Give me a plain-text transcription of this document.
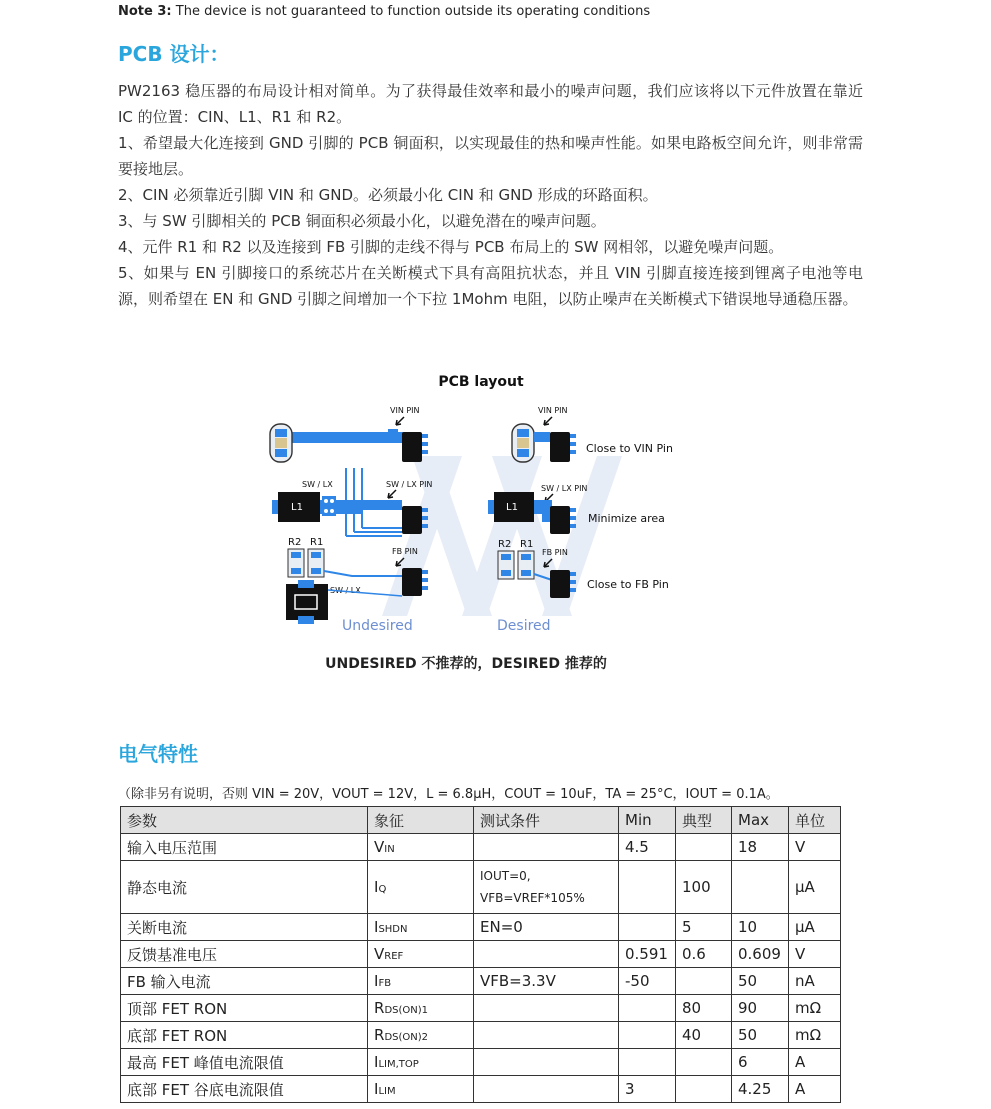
Note 3: The device is not guaranteed to function outside its operating conditions
PCB 设计：

PW2163 稳压器的布局设计相对简单。为了获得最佳效率和最小的噪声问题，我们应该将以下元件放置在靠近 IC 的位置：CIN、L1、R1 和 R2。

1、希望最大化连接到 GND 引脚的 PCB 铜面积，以实现最佳的热和噪声性能。如果电路板空间允许，则非常需要接地层。

2、CIN 必须靠近引脚 VIN 和 GND。必须最小化 CIN 和 GND 形成的环路面积。

3、与 SW 引脚相关的 PCB 铜面积必须最小化，以避免潜在的噪声问题。

4、元件 R1 和 R2 以及连接到 FB 引脚的走线不得与 PCB 布局上的 SW 网相邻，以避免噪声问题。

5、如果与 EN 引脚接口的系统芯片在关断模式下具有高阻抗状态，并且 VIN 引脚直接连接到锂离子电池等电源，则希望在 EN 和 GND 引脚之间增加一个下拉 1Mohm 电阻，以防止噪声在关断模式下错误地导通稳压器。

PCB layout
VIN PIN
SW / LX	SW / LX PIN
L1
R2 R1
FB PIN
SW / LX
Undesired
VIN PIN
Close to VIN Pin
SW / LX PIN
L1
Minimize area
R2 R1
FB PIN
Close to FB Pin
Desired
UNDESIRED 不推荐的，DESIRED 推荐的
电气特性
（除非另有说明，否则 VIN = 20V，VOUT = 12V，L = 6.8μH，COUT = 10uF，TA = 25°C，IOUT = 0.1A。
参数	象征	测试条件	Min	典型	Max	单位
输入电压范围	VIN		4.5		18	V
静态电流	IQ	IOUT=0,
VFB=VREF*105%		100		μA
关断电流	ISHDN	EN=0		5	10	μA
反馈基准电压	VREF		0.591	0.6	0.609	V
FB 输入电流	IFB	VFB=3.3V	-50		50	nA
顶部 FET RON	RDS(ON)1			80	90	mΩ
底部 FET RON	RDS(ON)2			40	50	mΩ
最高 FET 峰值电流限值	ILIM,TOP				6	A
底部 FET 谷底电流限值	ILIM		3		4.25	A
